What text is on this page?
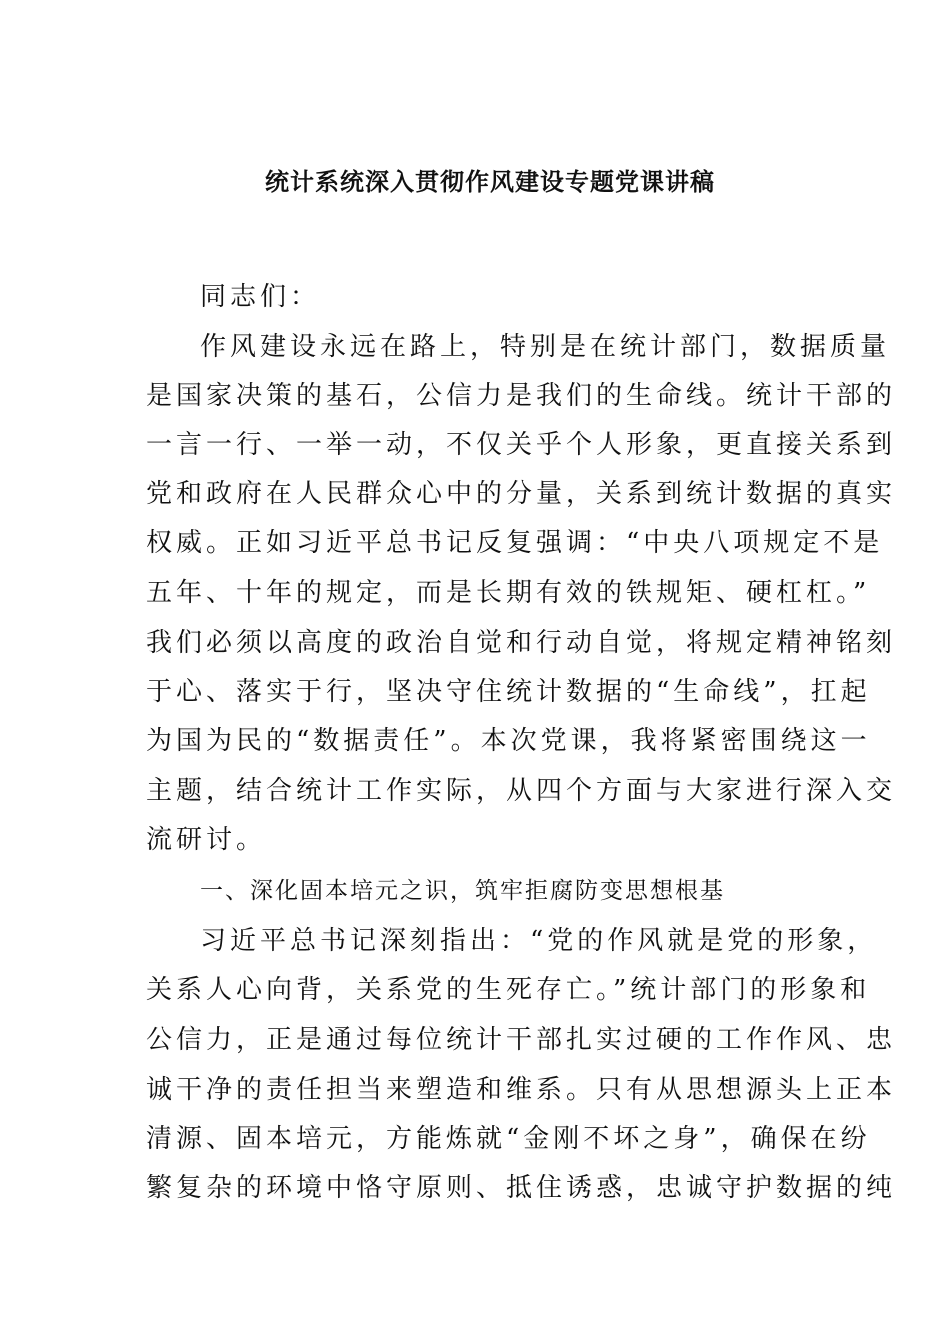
统计系统深入贯彻作风建设专题党课讲稿
同志们：
作风建设永远在路上，特别是在统计部门，数据质量
是国家决策的基石，公信力是我们的生命线。统计干部的
一言一行、一举一动，不仅关乎个人形象，更直接关系到
党和政府在人民群众心中的分量，关系到统计数据的真实
权威。正如习近平总书记反复强调：“中央八项规定不是
五年、十年的规定，而是长期有效的铁规矩、硬杠杠。”
我们必须以高度的政治自觉和行动自觉，将规定精神铭刻
于心、落实于行，坚决守住统计数据的“生命线”，扛起
为国为民的“数据责任”。本次党课，我将紧密围绕这一
主题，结合统计工作实际，从四个方面与大家进行深入交
流研讨。
一、深化固本培元之识，筑牢拒腐防变思想根基
习近平总书记深刻指出：“党的作风就是党的形象，
关系人心向背，关系党的生死存亡。”统计部门的形象和
公信力，正是通过每位统计干部扎实过硬的工作作风、忠
诚干净的责任担当来塑造和维系。只有从思想源头上正本
清源、固本培元，方能炼就“金刚不坏之身”，确保在纷
繁复杂的环境中恪守原则、抵住诱惑，忠诚守护数据的纯
